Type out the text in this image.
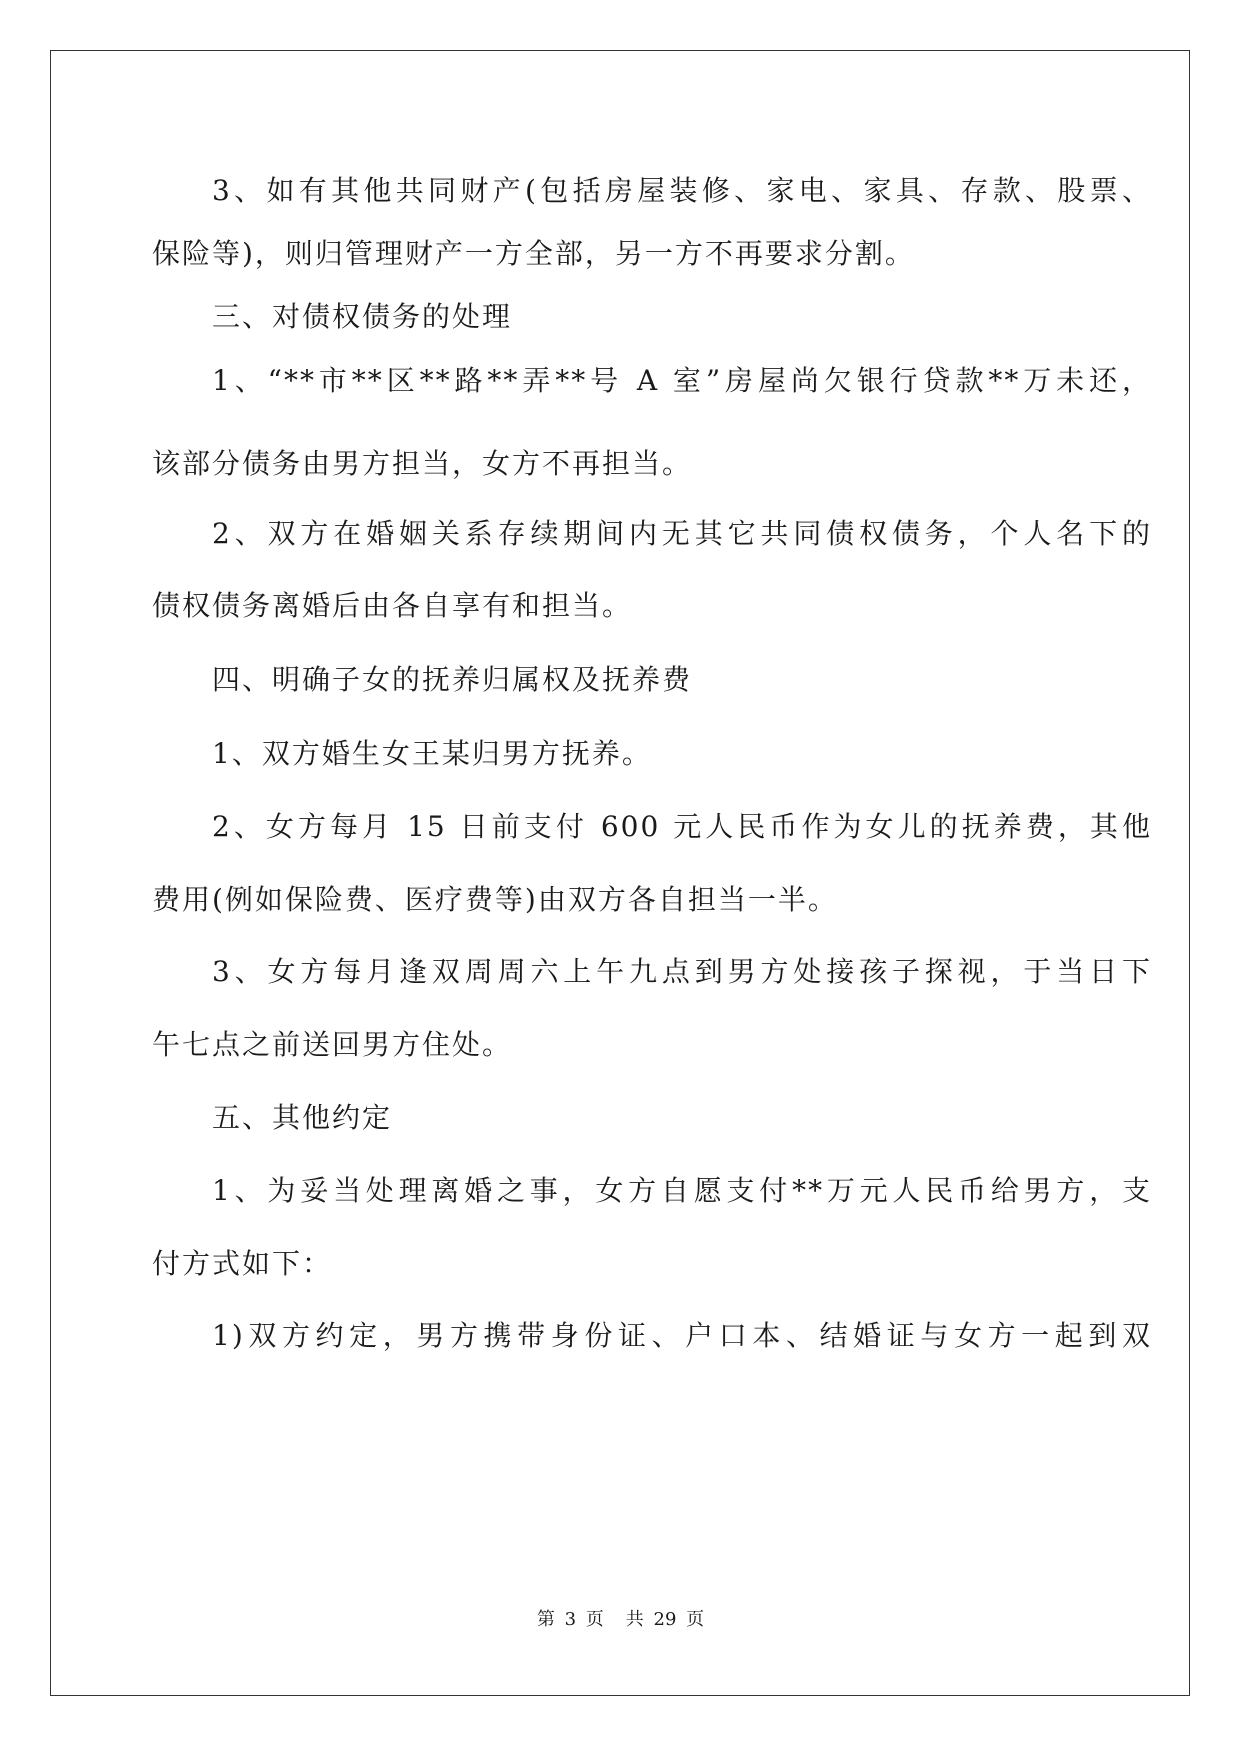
3、如有其他共同财产(包括房屋装修、家电、家具、存款、股票、
保险等)，则归管理财产一方全部，另一方不再要求分割。
三、对债权债务的处理
1、“**市**区**路**弄**号 A 室”房屋尚欠银行贷款**万未还，
该部分债务由男方担当，女方不再担当。
2、双方在婚姻关系存续期间内无其它共同债权债务，个人名下的
债权债务离婚后由各自享有和担当。
四、明确子女的抚养归属权及抚养费
1、双方婚生女王某归男方抚养。
2、女方每月 15 日前支付 600 元人民币作为女儿的抚养费，其他
费用(例如保险费、医疗费等)由双方各自担当一半。
3、女方每月逢双周周六上午九点到男方处接孩子探视，于当日下
午七点之前送回男方住处。
五、其他约定
1、为妥当处理离婚之事，女方自愿支付**万元人民币给男方，支
付方式如下：
1)双方约定，男方携带身份证、户口本、结婚证与女方一起到双
第 3 页 共 29 页
